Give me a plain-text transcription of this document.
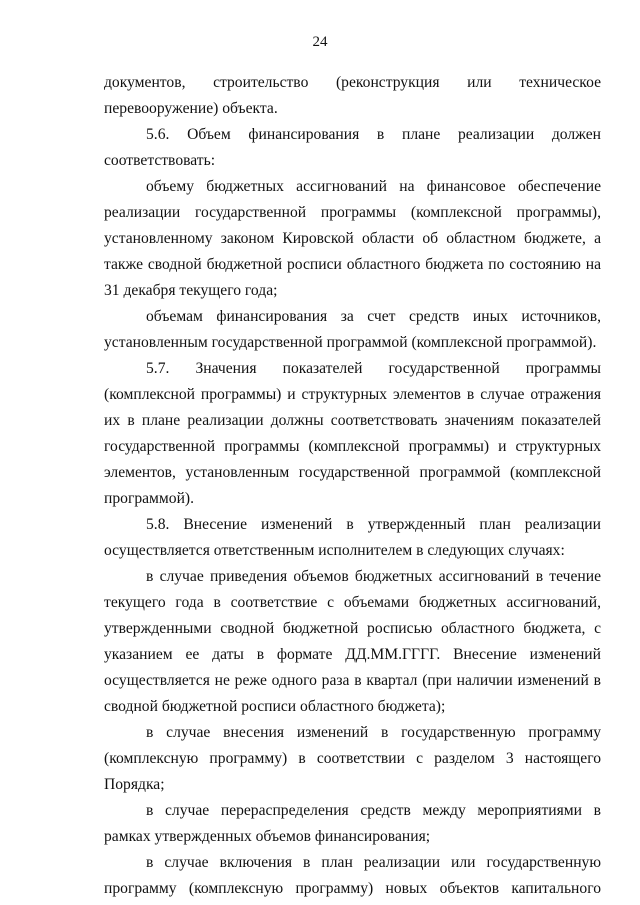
24

документов, строительство (реконструкция или техническое перевооружение) объекта.

5.6. Объем финансирования в плане реализации должен соответствовать:

объему бюджетных ассигнований на финансовое обеспечение реализации государственной программы (комплексной программы), установленному законом Кировской области об областном бюджете, а также сводной бюджетной росписи областного бюджета по состоянию на 31 декабря текущего года;

объемам финансирования за счет средств иных источников, установленным государственной программой (комплексной программой).

5.7. Значения показателей государственной программы (комплексной программы) и структурных элементов в случае отражения их в плане реализации должны соответствовать значениям показателей государственной программы (комплексной программы) и структурных элементов, установленным государственной программой (комплексной программой).

5.8. Внесение изменений в утвержденный план реализации осуществляется ответственным исполнителем в следующих случаях:

в случае приведения объемов бюджетных ассигнований в течение текущего года в соответствие с объемами бюджетных ассигнований, утвержденными сводной бюджетной росписью областного бюджета, с указанием ее даты в формате ДД.ММ.ГГГГ. Внесение изменений осуществляется не реже одного раза в квартал (при наличии изменений в сводной бюджетной росписи областного бюджета);

в случае внесения изменений в государственную программу (комплексную программу) в соответствии с разделом 3 настоящего Порядка;

в случае перераспределения средств между мероприятиями в рамках утвержденных объемов финансирования;

в случае включения в план реализации или государственную программу (комплексную программу) новых объектов капитального
